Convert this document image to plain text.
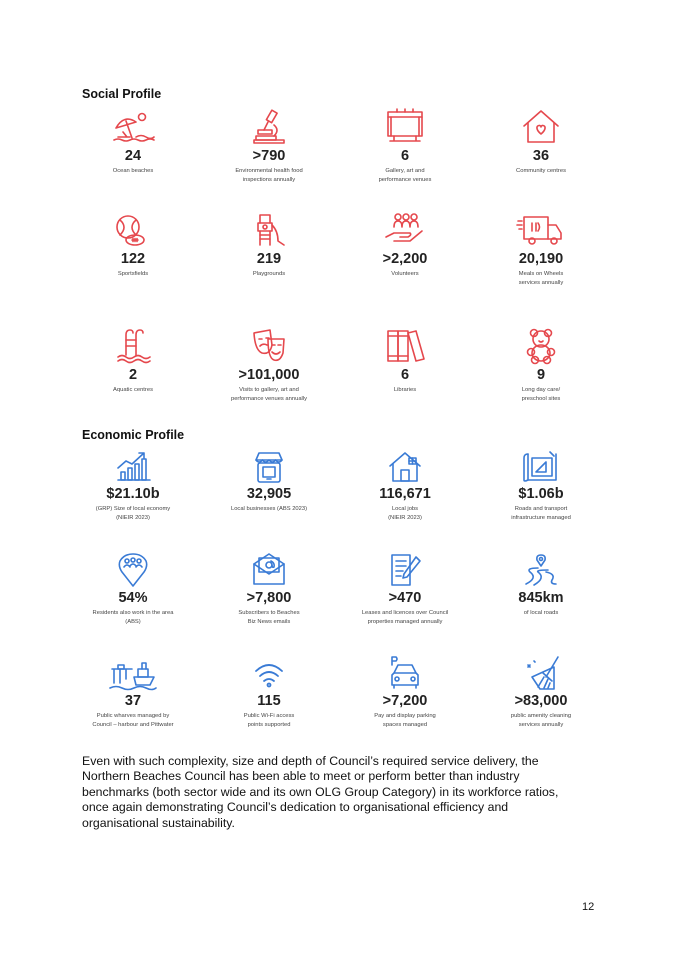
Social Profile
24
Ocean beaches
>790
Environmental health food
inspections annually
6
Gallery, art and
performance venues
36
Community centres
122
Sportsfields
219
Playgrounds
>2,200
Volunteers
20,190
Meals on Wheels
services annually
2
Aquatic centres
>101,000
Visits to gallery, art and
performance venues annually
6
Libraries
9
Long day care/
preschool sites
Economic Profile
$21.10b
(GRP) Size of local economy
(NIEIR 2023)
32,905
Local businesses (ABS 2023)
116,671
Local jobs
(NIEIR 2023)
$1.06b
Roads and transport
infrastructure managed
54%
Residents also work in the area
(ABS)
>7,800
Subscribers to Beaches
Biz News emails
>470
Leases and licences over Council
properties managed annually
845km
of local roads
37
Public wharves managed by
Council – harbour and Pittwater
115
Public Wi-Fi access
points supported
>7,200
Pay and display parking
spaces managed
>83,000
public amenity cleaning
services annually
Even with such complexity, size and depth of Council’s required service delivery, the Northern Beaches Council has been able to meet or perform better than industry benchmarks (both sector wide and its own OLG Group Category) in its workforce ratios, once again demonstrating Council’s dedication to organisational efficiency and organisational sustainability.
12
